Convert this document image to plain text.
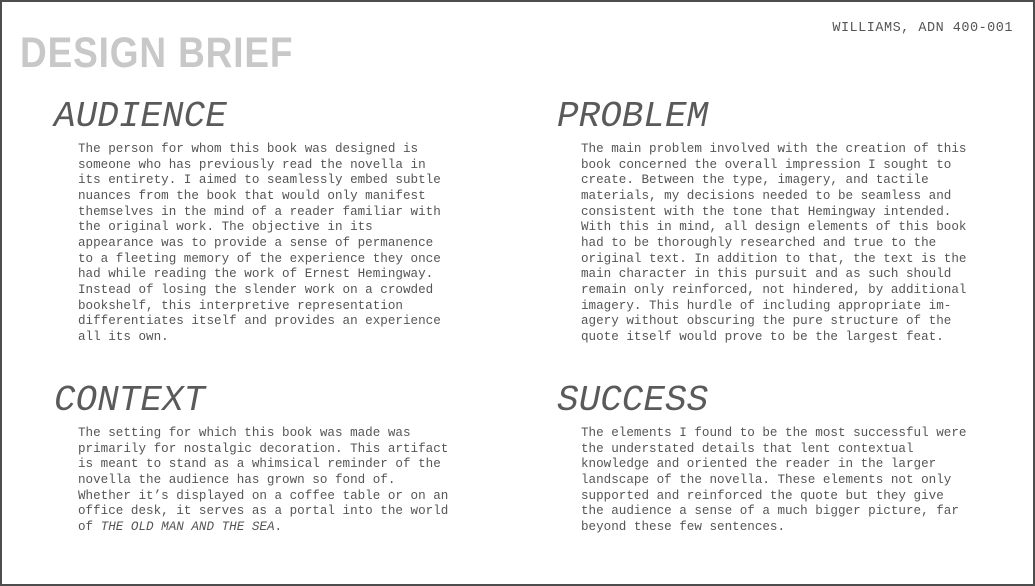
DESIGN BRIEF
WILLIAMS, ADN 400-001
AUDIENCE
The person for whom this book was designed is
someone who has previously read the novella in
its entirety. I aimed to seamlessly embed subtle
nuances from the book that would only manifest
themselves in the mind of a reader familiar with
the original work. The objective in its
appearance was to provide a sense of permanence
to a fleeting memory of the experience they once
had while reading the work of Ernest Hemingway.
Instead of losing the slender work on a crowded
bookshelf, this interpretive representation
differentiates itself and provides an experience
all its own.
PROBLEM
The main problem involved with the creation of this
book concerned the overall impression I sought to
create. Between the type, imagery, and tactile
materials, my decisions needed to be seamless and
consistent with the tone that Hemingway intended.
With this in mind, all design elements of this book
had to be thoroughly researched and true to the
original text. In addition to that, the text is the
main character in this pursuit and as such should
remain only reinforced, not hindered, by additional
imagery. This hurdle of including appropriate im-
agery without obscuring the pure structure of the
quote itself would prove to be the largest feat.
CONTEXT
The setting for which this book was made was
primarily for nostalgic decoration. This artifact
is meant to stand as a whimsical reminder of the
novella the audience has grown so fond of.
Whether it’s displayed on a coffee table or on an
office desk, it serves as a portal into the world
of THE OLD MAN AND THE SEA.
SUCCESS
The elements I found to be the most successful were
the understated details that lent contextual
knowledge and oriented the reader in the larger
landscape of the novella. These elements not only
supported and reinforced the quote but they give
the audience a sense of a much bigger picture, far
beyond these few sentences.
